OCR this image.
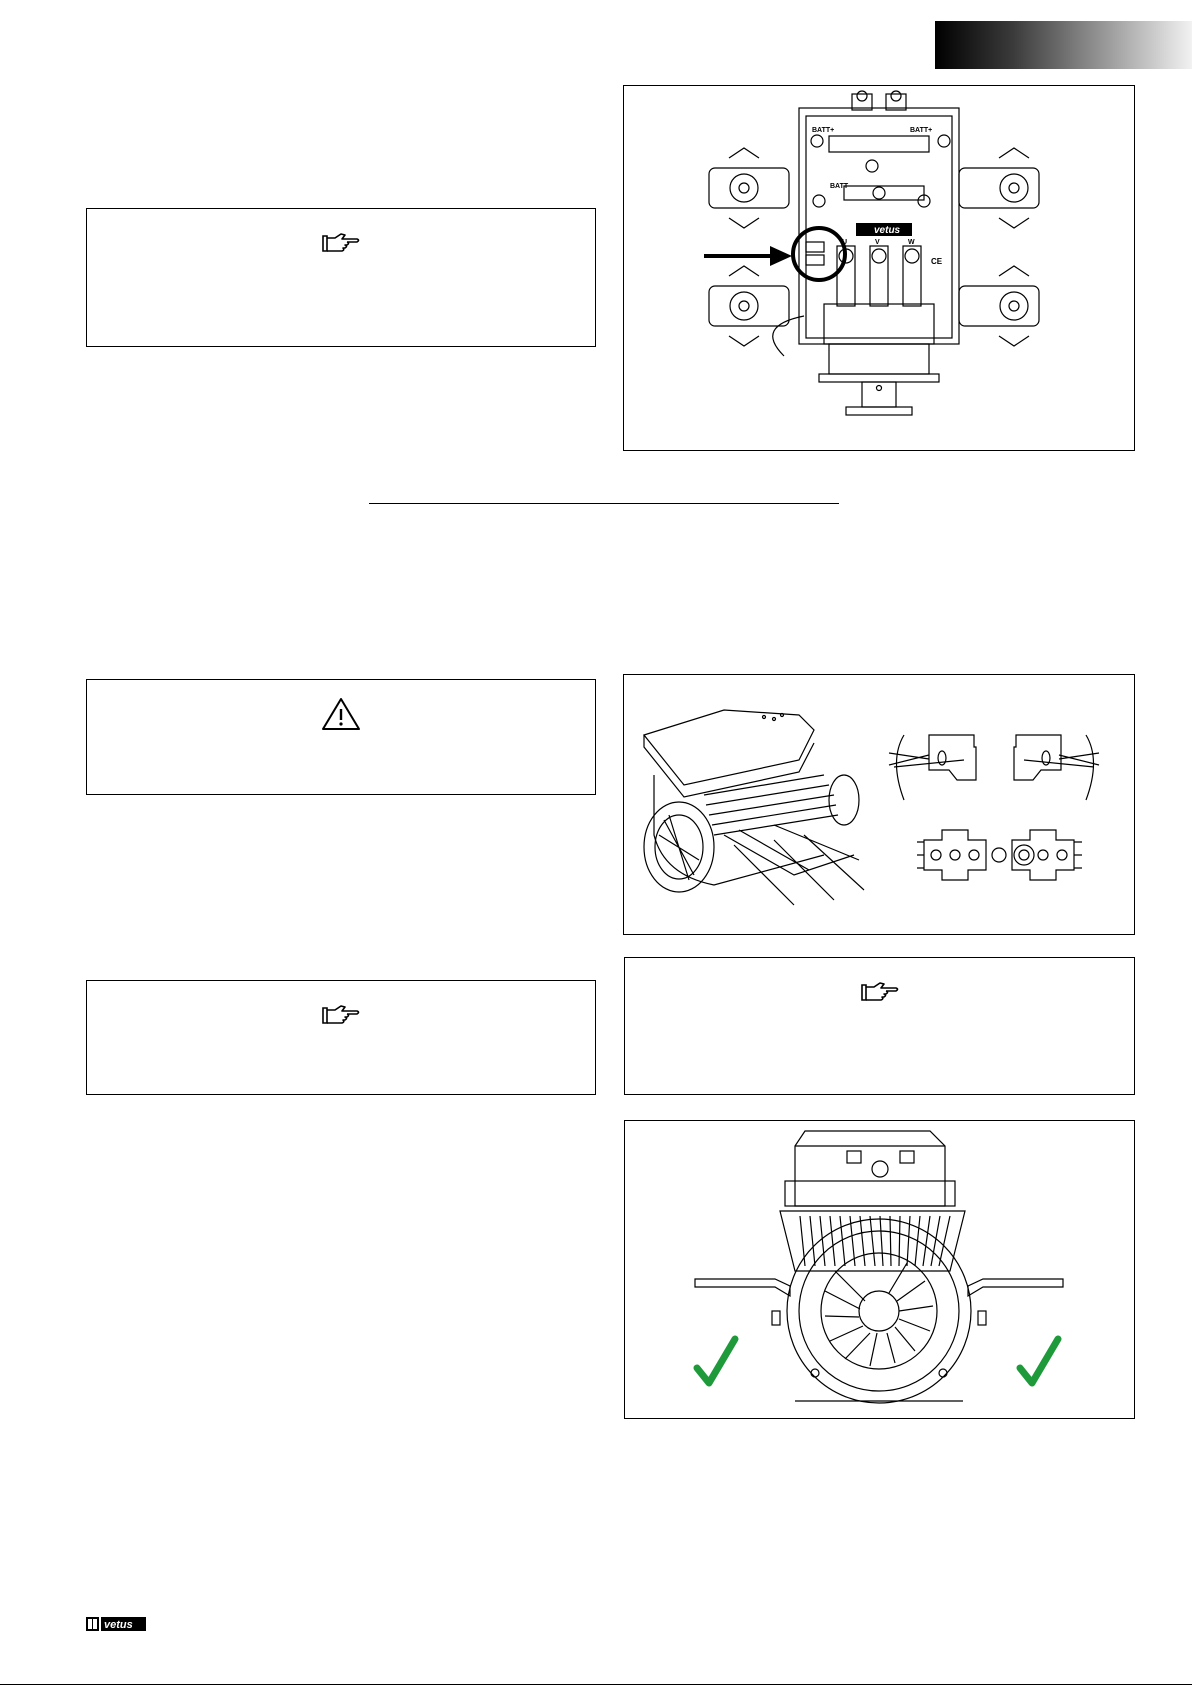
BATT+	BATT+
BATT -
U	V	W
CE
vetus
vetus
